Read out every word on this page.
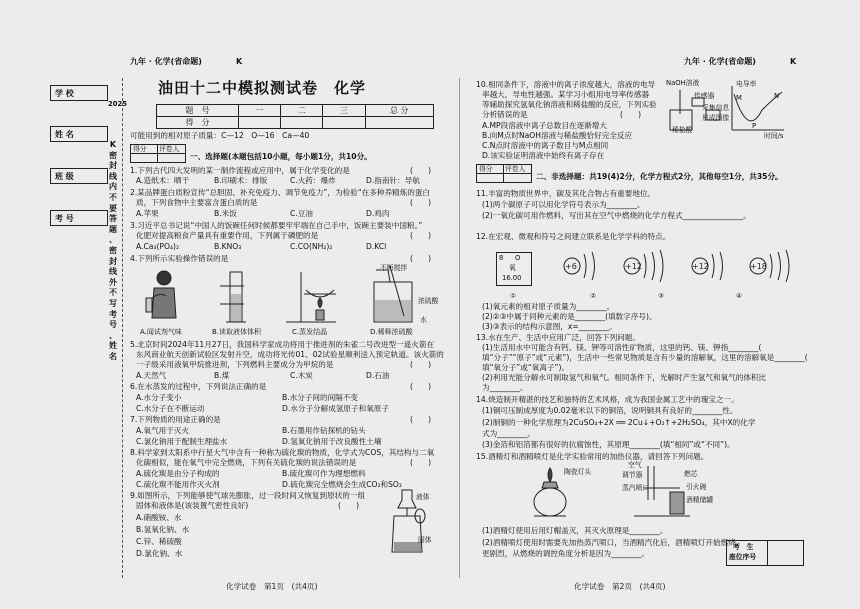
学 校
姓 名
班 级
考 号
2025
K
密
封
线
内
不
要
答
题
、
密
封
线
外
不
写
考
号
、
姓
名
九年 · 化学(省命题)	K	九年 · 化学(省命题)	K
油田十二中模拟测试卷　化学
题　号	一	二	三	总 分
得　分				
可能用到的相对原子质量：C—12　O—16　Ca—40
得分 评卷人
一、选择题(本题包括10小题，每小题1分，共10分。
1.下列古代四大发明的某一制作流程或应用中，属于化学变化的是	(　　)
A.造纸术：晒干	B.印刷术：排版	C.火药：爆炸	D.指南针：导航
2.某品牌蛋白质粉宣传“总胆固、补充免疫力、调节免疫力”，为检验“在多种养精炼的蛋白
质，下列食物中主要富含蛋白质的是	(　　)
A.苹果	B.米饭	C.豆油	D.鸡肉
3.习近平总书记说“中国人的饭碗任何时候都要牢牢端在自己手中，饭碗主要装中国粮。”
化肥对提高粮食产量具有重要作用，下列属于磷肥的是	(　　)
A.Ca₃(PO₄)₂	B.KNO₃	C.CO(NH₂)₂	D.KCl
4.下列所示实验操作错误的是	(　　)
不断搅拌
浓硫酸
水
A.闻试剂气味	B.读取液体体积	C.蒸发结晶	D.稀释浓硫酸
5.北京时间2024年11月27日，我国科学家成功将用于推进剂的朱雀二号改进型一遥火箭在
东风商业航天创新试验区发射升空，成功将光传01、02试验星顺利送入预定轨道。该火箭的
一子级采用液氧甲烷推进剂，下列燃料主要成分为甲烷的是	(　　)
A.天然气	B.煤	C.木炭	D.石油
6.在水蒸发的过程中，下列说法正确的是	(　　)
A.水分子变小	B.水分子间的间隔不变
C.水分子在不断运动	D.水分子分解成氢原子和氧原子
7.下列物质的用途正确的是	(　　)
A.氧气用于灭火	B.石墨用作钻探机的钻头
C.氯化钠用于配制生理盐水	D.氢氧化钠用于改良酸性土壤
8.科学家到太阳系中行星大气中含有一种称为硫化羰的物质，化学式为COS，其结构与二氧
化碳相似，能在氧气中完全燃烧，下列有关硫化羰的说法错误的是	(　　)
A.硫化羰是由分子构成的	B.硫化羰可作为理想燃料
C.硫化羰不能用作灭火剂	D.硫化羰完全燃烧会生成CO₂和SO₂
9.如图所示，下列能够使气球先膨胀，过一段时间又恢复到原状的一组
固体和液体是(该装置气密性良好)	(　　)
A.硝酸铵、水
B.氢氧化钠、水
C.锌、稀硫酸
D.氯化钠、水
液体
固体
化学试卷　第1页　(共4页)
10.相同条件下，溶液中的离子浓度越大，溶液的电导
率越大，导电性越强。某学习小组用电导率传感器
等辅助探究氢氧化钠溶液和稀盐酸的反应，下列实验
分析错误的是	(　　)
A.MP段溶液中离子总数目在逐渐增大
B.向M点时NaOH溶液与稀盐酸恰好完全反应
C.N点时溶液中的离子数目与M点相同
D.该实验证明溶液中始终有离子存在
NaOH溶液
传感器
稀盐酸
采集信息
形成图像
电导率
时间/s
M	N
P
得分 评卷人
二、非选择题：共19(4)2分，化学方程式2分，其他每空1分，共35分。
11.丰富的物质世界中，碳及其化合物占有重要地位。
(1)两个碳原子可以用化学符号表示为________。
(2)一氧化碳可用作燃料，写出其在空气中燃烧的化学方程式________________。
12.在宏观、微观和符号之间建立联系是化学学科的特点。
8 O
氧
16.00
+6	+12	+12	+18
①	②	③	④
(1)氧元素的相对原子质量为________。
(2)②③中属于同种元素的是________(填数字序号)。
(3)③表示的结构示意图，x=________。
13.水在生产、生活中应用广泛，回答下列问题。
(1)生活用水中可能含有钙、镁、钾等可溶性矿物质，这里的钙、镁、钾指________(
填“分子”“原子”或“元素”)，生活中一些常见物质是含有少量的溶解氧，这里的溶解氧是________(
填“氧分子”或“氧离子”)。
(2)利用光能分解水可制取氢气和氧气。相同条件下，光解时产生氢气和氧气的体积比
为________。
14.烧造制开精湛的技艺和独特的艺术风格，成为我国金属工艺中的瑰宝之一。
(1)铜可压制成厚度为0.02毫米以下的铜箔，说明铜具有良好的________性。
(2)制铜的一种化学原理为2CuSO₄+2X ══ 2Cu↓+O₂↑+2H₂SO₄，其中X的化学
式为________。
(3)金箔和铝箔都有很好的抗腐蚀性，其原理________(填“相同”或“不同”)。
15.酒精灯和酒精喷灯是化学实验常用的加热仪器，请回答下列问题。
陶瓷灯头
空气
调节器	燃芯
蒸汽喷口	引火碗
酒精储罐
(1)酒精灯使用后用灯帽盖灭，其灭火原理是________。
(2)酒精喷灯使用时需要先加热蒸汽喷口，当酒精汽化后，酒精喷灯开始燃烧
更剧烈，从燃烧的调控角度分析是因为________。
考　生
座位序号
化学试卷　第2页　(共4页)
